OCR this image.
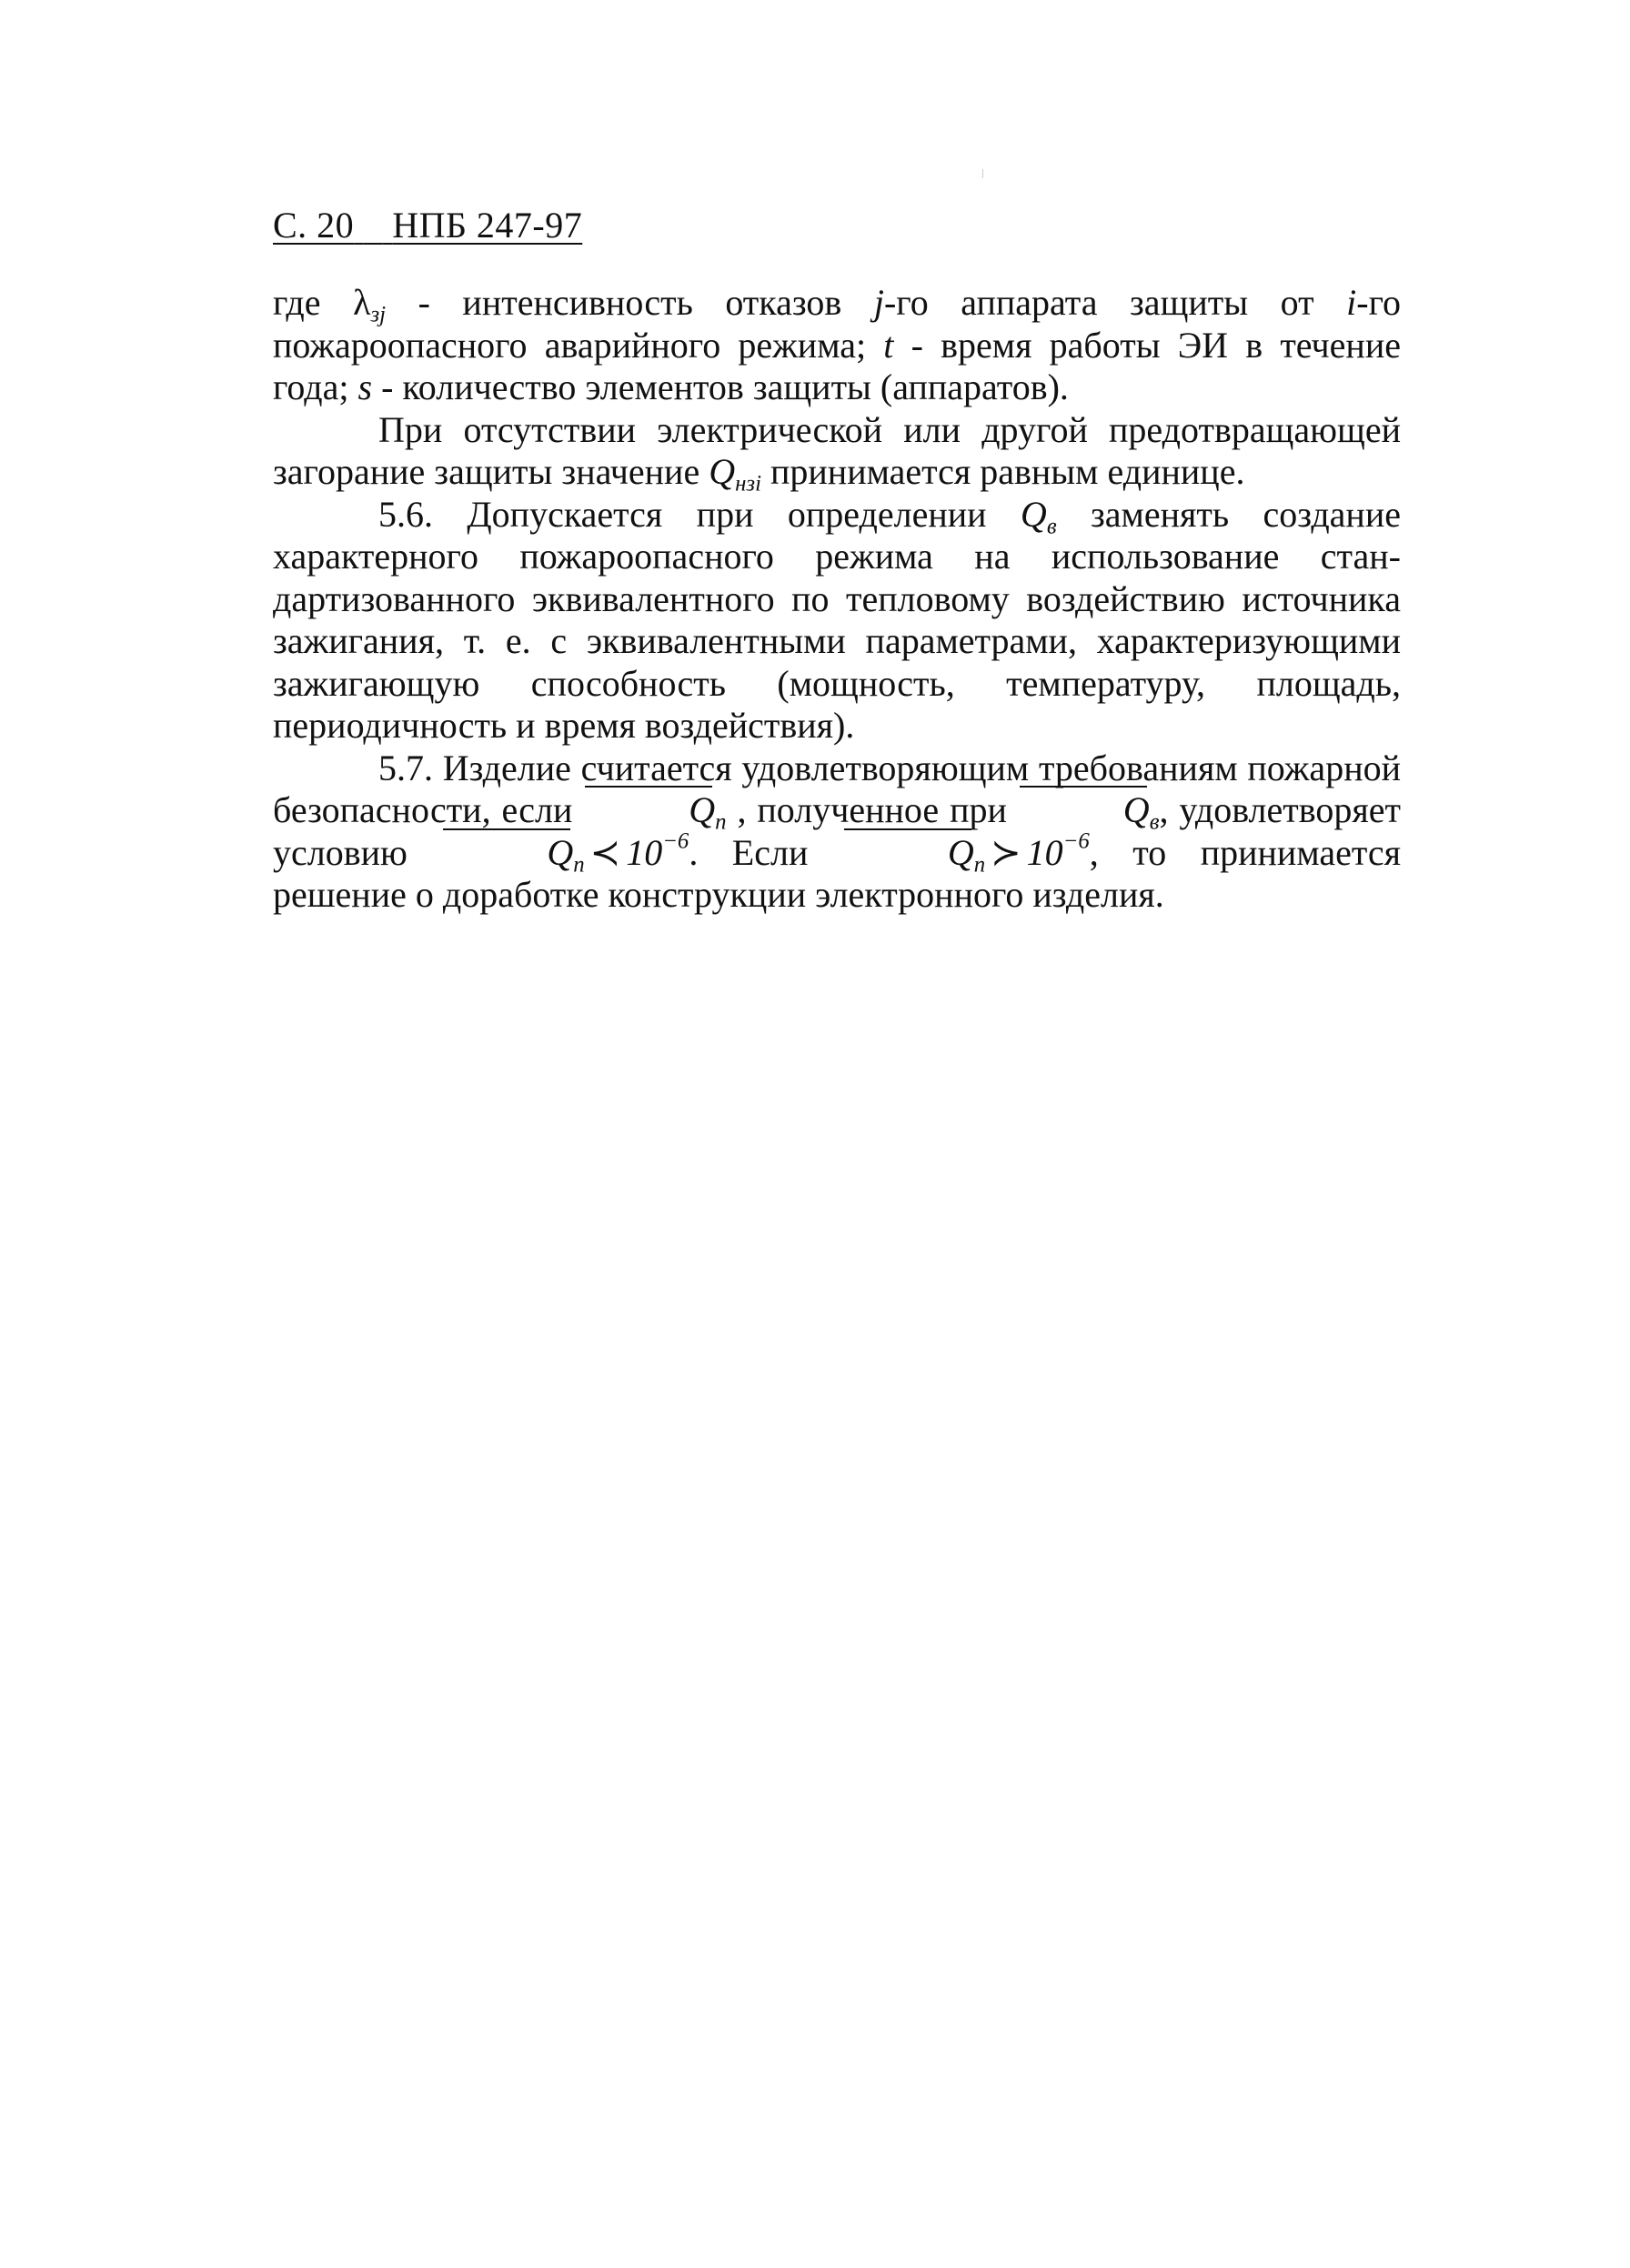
С. 20 НПБ 247-97

где $\lambda_{зj}$ - интенсивность отказов j-го аппарата защиты от i-го пожароопасного аварийного режима; t - время работы ЭИ в течение года; s - количество элементов защиты (аппаратов).

При отсутствии электрической или другой предотвращающей загорание защиты значение $Q_{нзi}$ принимается равным единице.

5.6. Допускается при определении $Q_в$ заменять создание характерного пожароопасного режима на использование стандартизованного эквивалентного по тепловому воздействию источника зажигания, т. е. с эквивалентными параметрами, характеризующими зажигающую способность (мощность, температуру, площадь, периодичность и время воздействия).

5.7. Изделие считается удовлетворяющим требованиям пожарной безопасности, если	$Q_п$ , полученное при	$Q_в$, удовлетворяет условию	$Q_п$ ≺ $10^{-6}$. Если	$Q_п$ ≻ $10^{-6}$, то принимается решение о доработке конструкции электронного изделия.
